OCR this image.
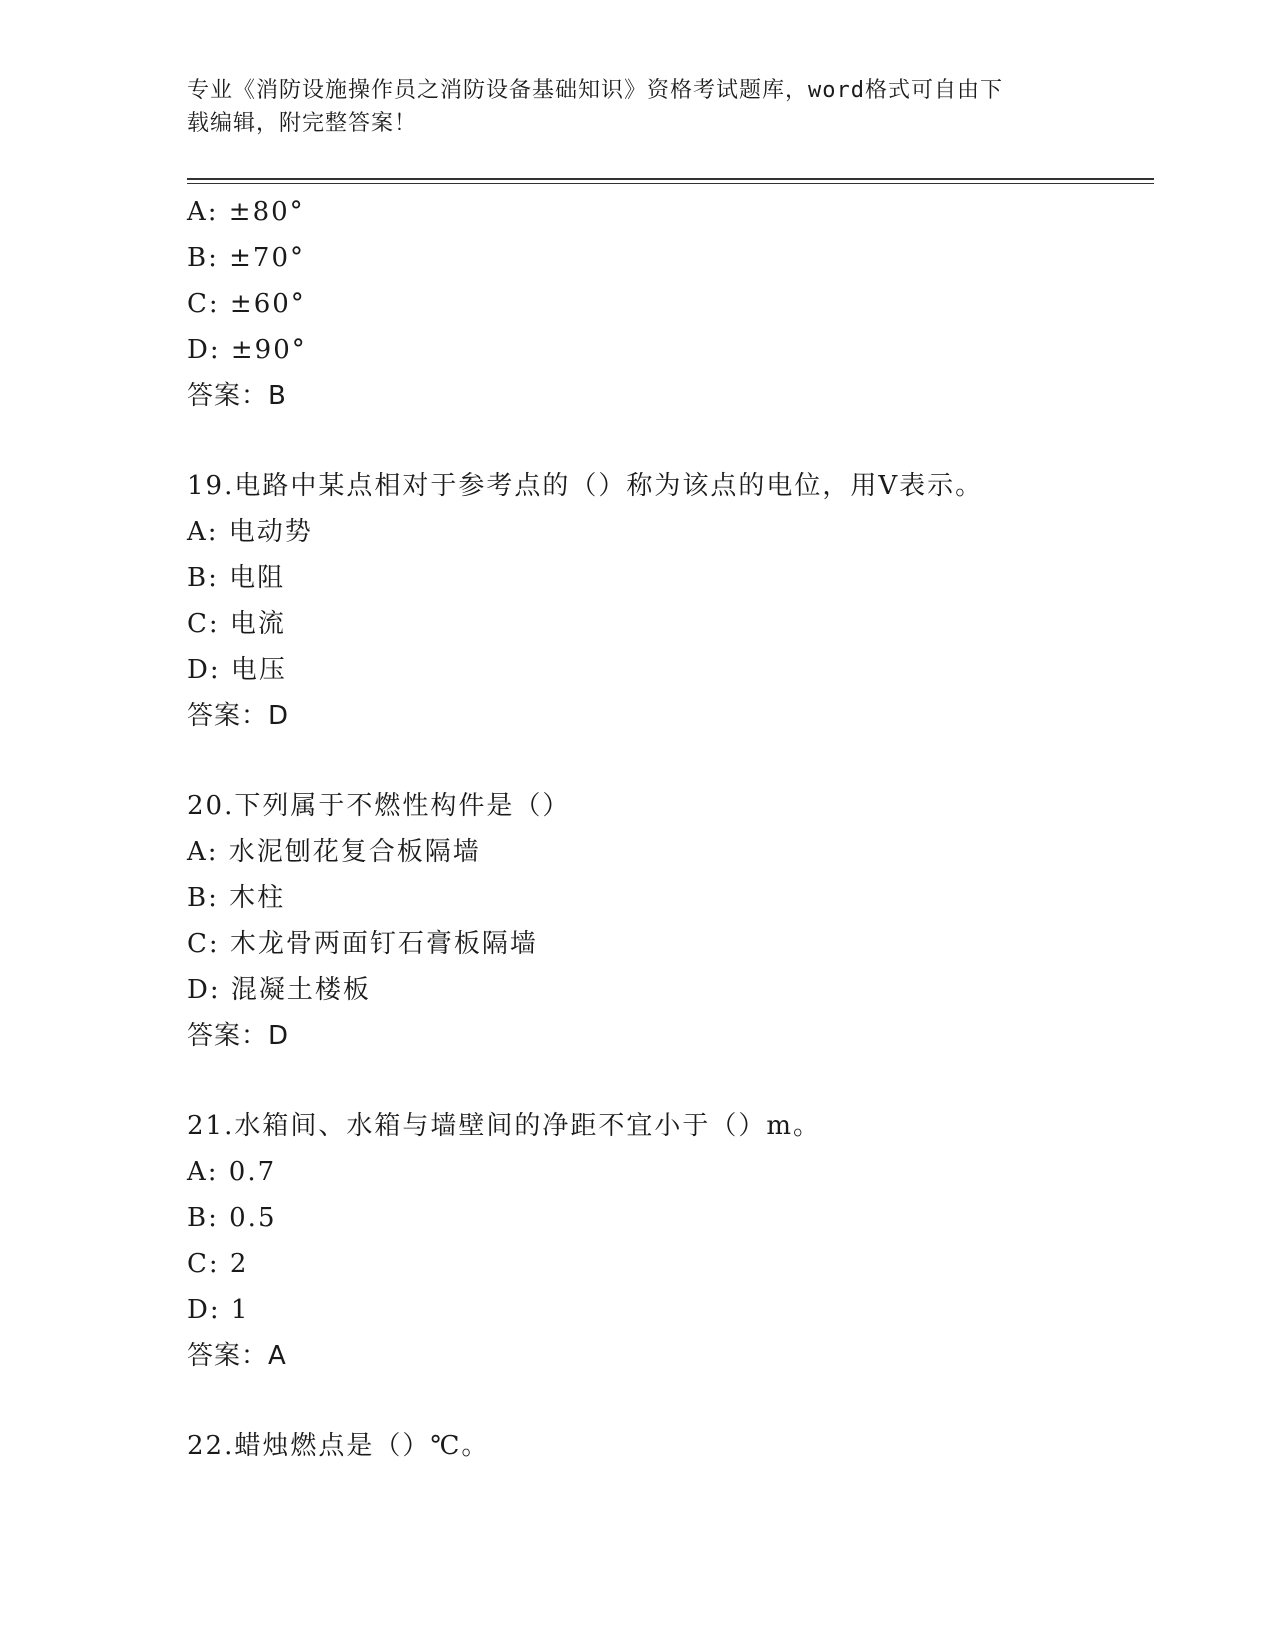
专业《消防设施操作员之消防设备基础知识》资格考试题库，word格式可自由下
载编辑，附完整答案！
A: ±80°
B: ±70°
C: ±60°
D: ±90°
答案：B
19.电路中某点相对于参考点的（）称为该点的电位，用V表示。
A: 电动势
B: 电阻
C: 电流
D: 电压
答案：D
20.下列属于不燃性构件是（）
A: 水泥刨花复合板隔墙
B: 木柱
C: 木龙骨两面钉石膏板隔墙
D: 混凝土楼板
答案：D
21.水箱间、水箱与墙壁间的净距不宜小于（）m。
A: 0.7
B: 0.5
C: 2
D: 1
答案：A
22.蜡烛燃点是（）℃。
